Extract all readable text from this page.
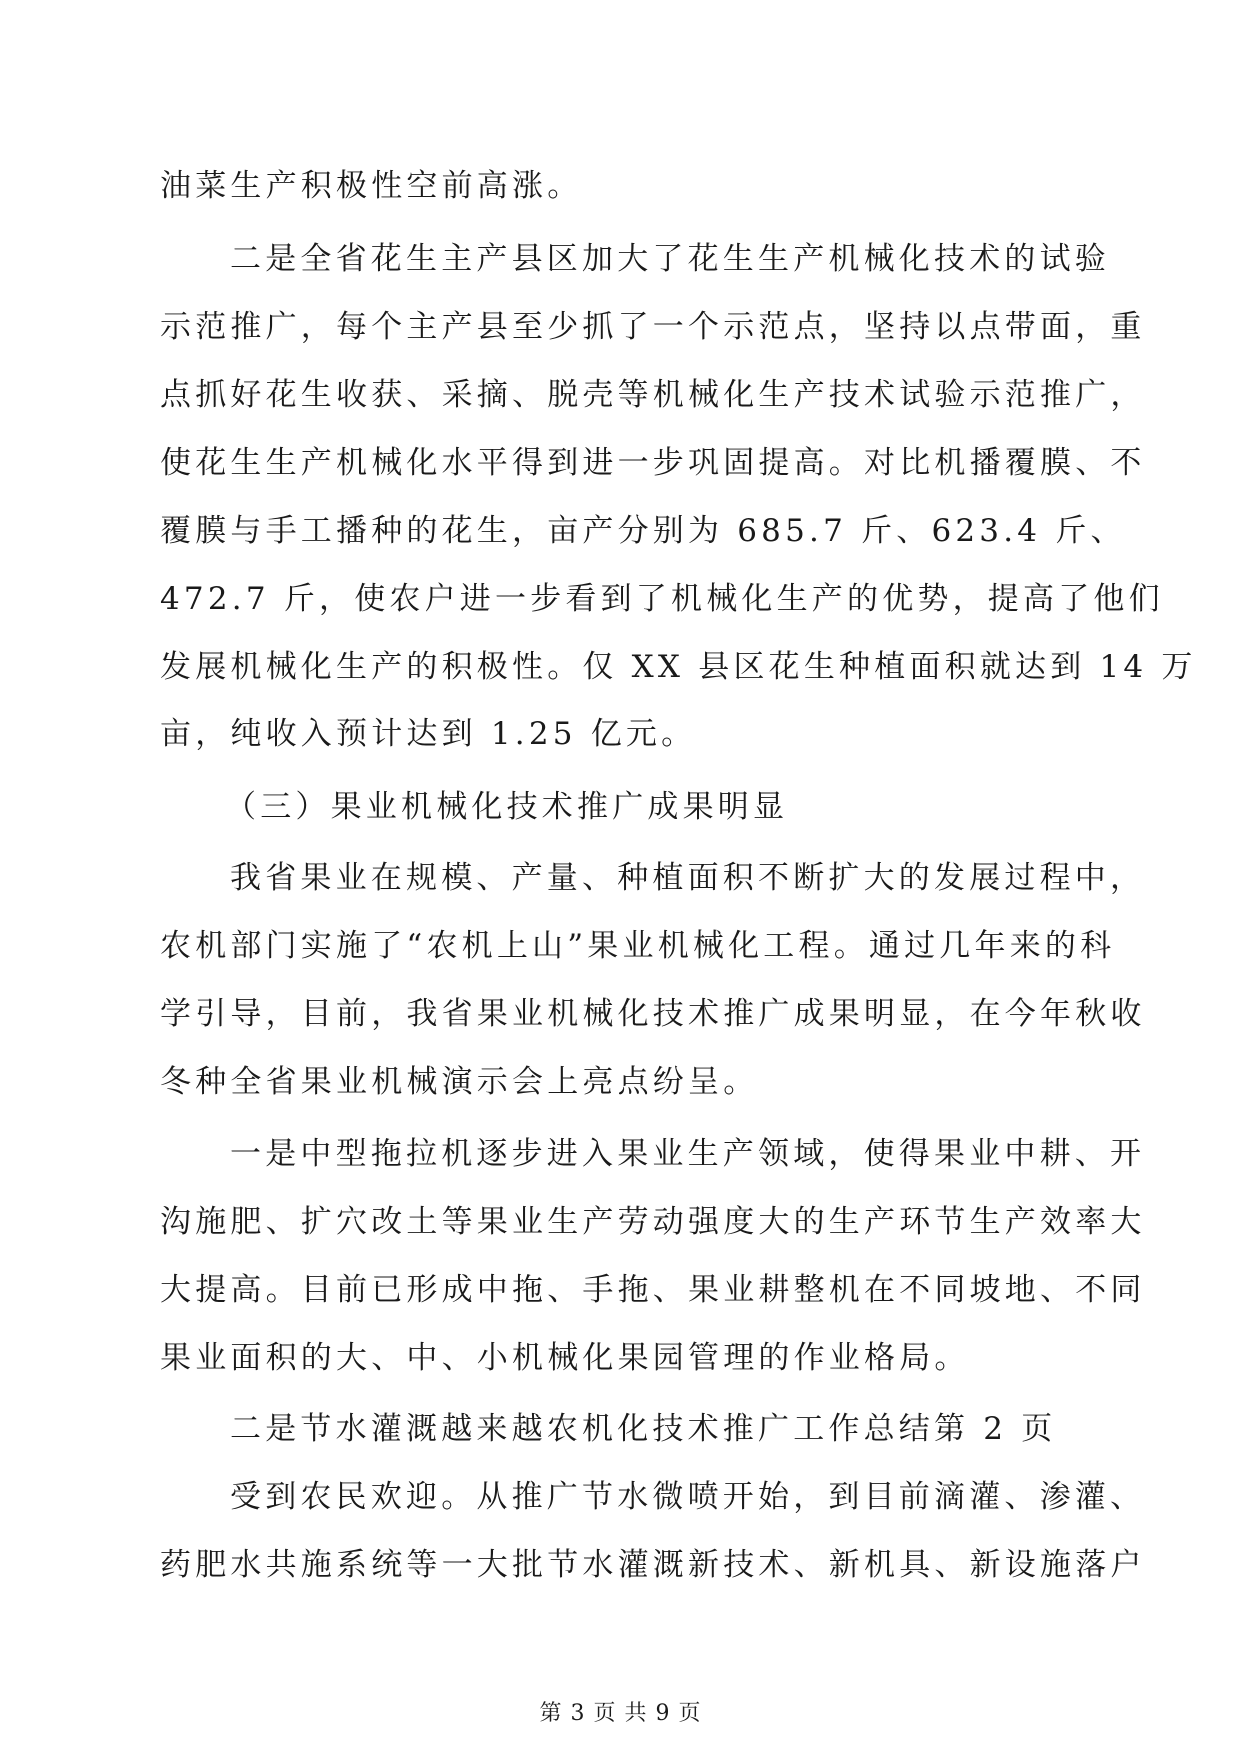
油菜生产积极性空前高涨。
二是全省花生主产县区加大了花生生产机械化技术的试验
示范推广，每个主产县至少抓了一个示范点，坚持以点带面，重
点抓好花生收获、采摘、脱壳等机械化生产技术试验示范推广，
使花生生产机械化水平得到进一步巩固提高。对比机播覆膜、不
覆膜与手工播种的花生，亩产分别为 685.7 斤、623.4 斤、
472.7 斤，使农户进一步看到了机械化生产的优势，提高了他们
发展机械化生产的积极性。仅 XX 县区花生种植面积就达到 14 万
亩，纯收入预计达到 1.25 亿元。
（三）果业机械化技术推广成果明显
我省果业在规模、产量、种植面积不断扩大的发展过程中，
农机部门实施了“农机上山”果业机械化工程。通过几年来的科
学引导，目前，我省果业机械化技术推广成果明显，在今年秋收
冬种全省果业机械演示会上亮点纷呈。
一是中型拖拉机逐步进入果业生产领域，使得果业中耕、开
沟施肥、扩穴改土等果业生产劳动强度大的生产环节生产效率大
大提高。目前已形成中拖、手拖、果业耕整机在不同坡地、不同
果业面积的大、中、小机械化果园管理的作业格局。
二是节水灌溉越来越农机化技术推广工作总结第 2 页
第 3 页 共 9 页
受到农民欢迎。从推广节水微喷开始，到目前滴灌、渗灌、
药肥水共施系统等一大批节水灌溉新技术、新机具、新设施落户
